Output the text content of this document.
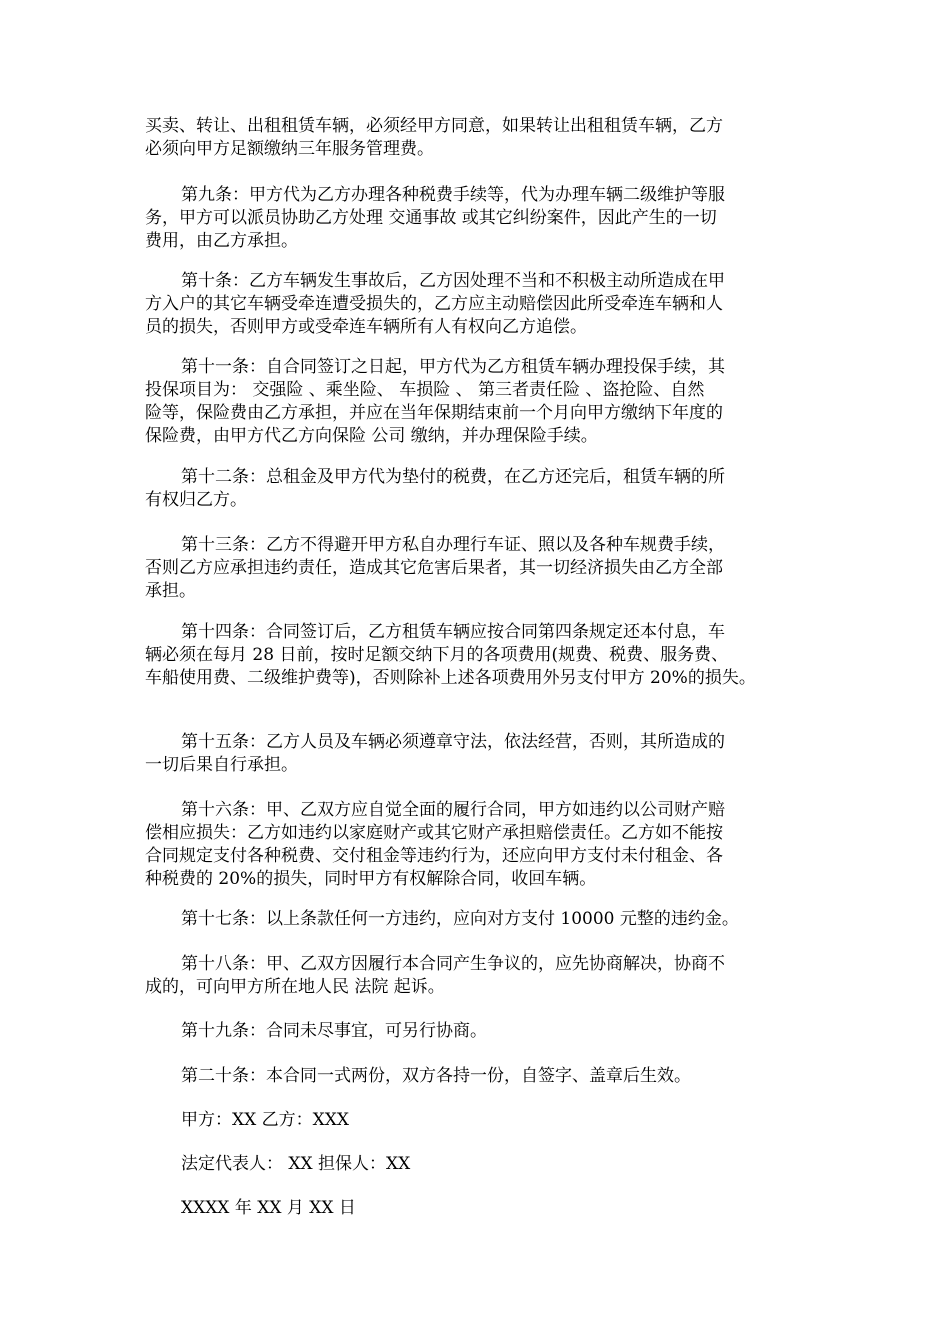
买卖、转让、出租租赁车辆，必须经甲方同意，如果转让出租租赁车辆，乙方
必须向甲方足额缴纳三年服务管理费。
第九条：甲方代为乙方办理各种税费手续等，代为办理车辆二级维护等服
务，甲方可以派员协助乙方处理 交通事故 或其它纠纷案件，因此产生的一切
费用，由乙方承担。
第十条：乙方车辆发生事故后，乙方因处理不当和不积极主动所造成在甲
方入户的其它车辆受牵连遭受损失的，乙方应主动赔偿因此所受牵连车辆和人
员的损失，否则甲方或受牵连车辆所有人有权向乙方追偿。
第十一条：自合同签订之日起，甲方代为乙方租赁车辆办理投保手续，其
投保项目为： 交强险 、乘坐险、 车损险 、 第三者责任险 、盗抢险、自然
险等，保险费由乙方承担，并应在当年保期结束前一个月向甲方缴纳下年度的
保险费，由甲方代乙方向保险 公司 缴纳，并办理保险手续。
第十二条：总租金及甲方代为垫付的税费，在乙方还完后，租赁车辆的所
有权归乙方。
第十三条：乙方不得避开甲方私自办理行车证、照以及各种车规费手续，
否则乙方应承担违约责任，造成其它危害后果者，其一切经济损失由乙方全部
承担。
第十四条：合同签订后，乙方租赁车辆应按合同第四条规定还本付息，车
辆必须在每月 28 日前，按时足额交纳下月的各项费用(规费、税费、服务费、
车船使用费、二级维护费等)，否则除补上述各项费用外另支付甲方 20%的损失。
第十五条：乙方人员及车辆必须遵章守法，依法经营，否则，其所造成的
一切后果自行承担。
第十六条：甲、乙双方应自觉全面的履行合同，甲方如违约以公司财产赔
偿相应损失：乙方如违约以家庭财产或其它财产承担赔偿责任。乙方如不能按
合同规定支付各种税费、交付租金等违约行为，还应向甲方支付未付租金、各
种税费的 20%的损失，同时甲方有权解除合同，收回车辆。
第十七条：以上条款任何一方违约，应向对方支付 10000 元整的违约金。
第十八条：甲、乙双方因履行本合同产生争议的，应先协商解决，协商不
成的，可向甲方所在地人民 法院 起诉。
第十九条：合同未尽事宜，可另行协商。
第二十条：本合同一式两份，双方各持一份，自签字、盖章后生效。
甲方：XX 乙方：XXX
法定代表人： XX 担保人：XX
XXXX 年 XX 月 XX 日
